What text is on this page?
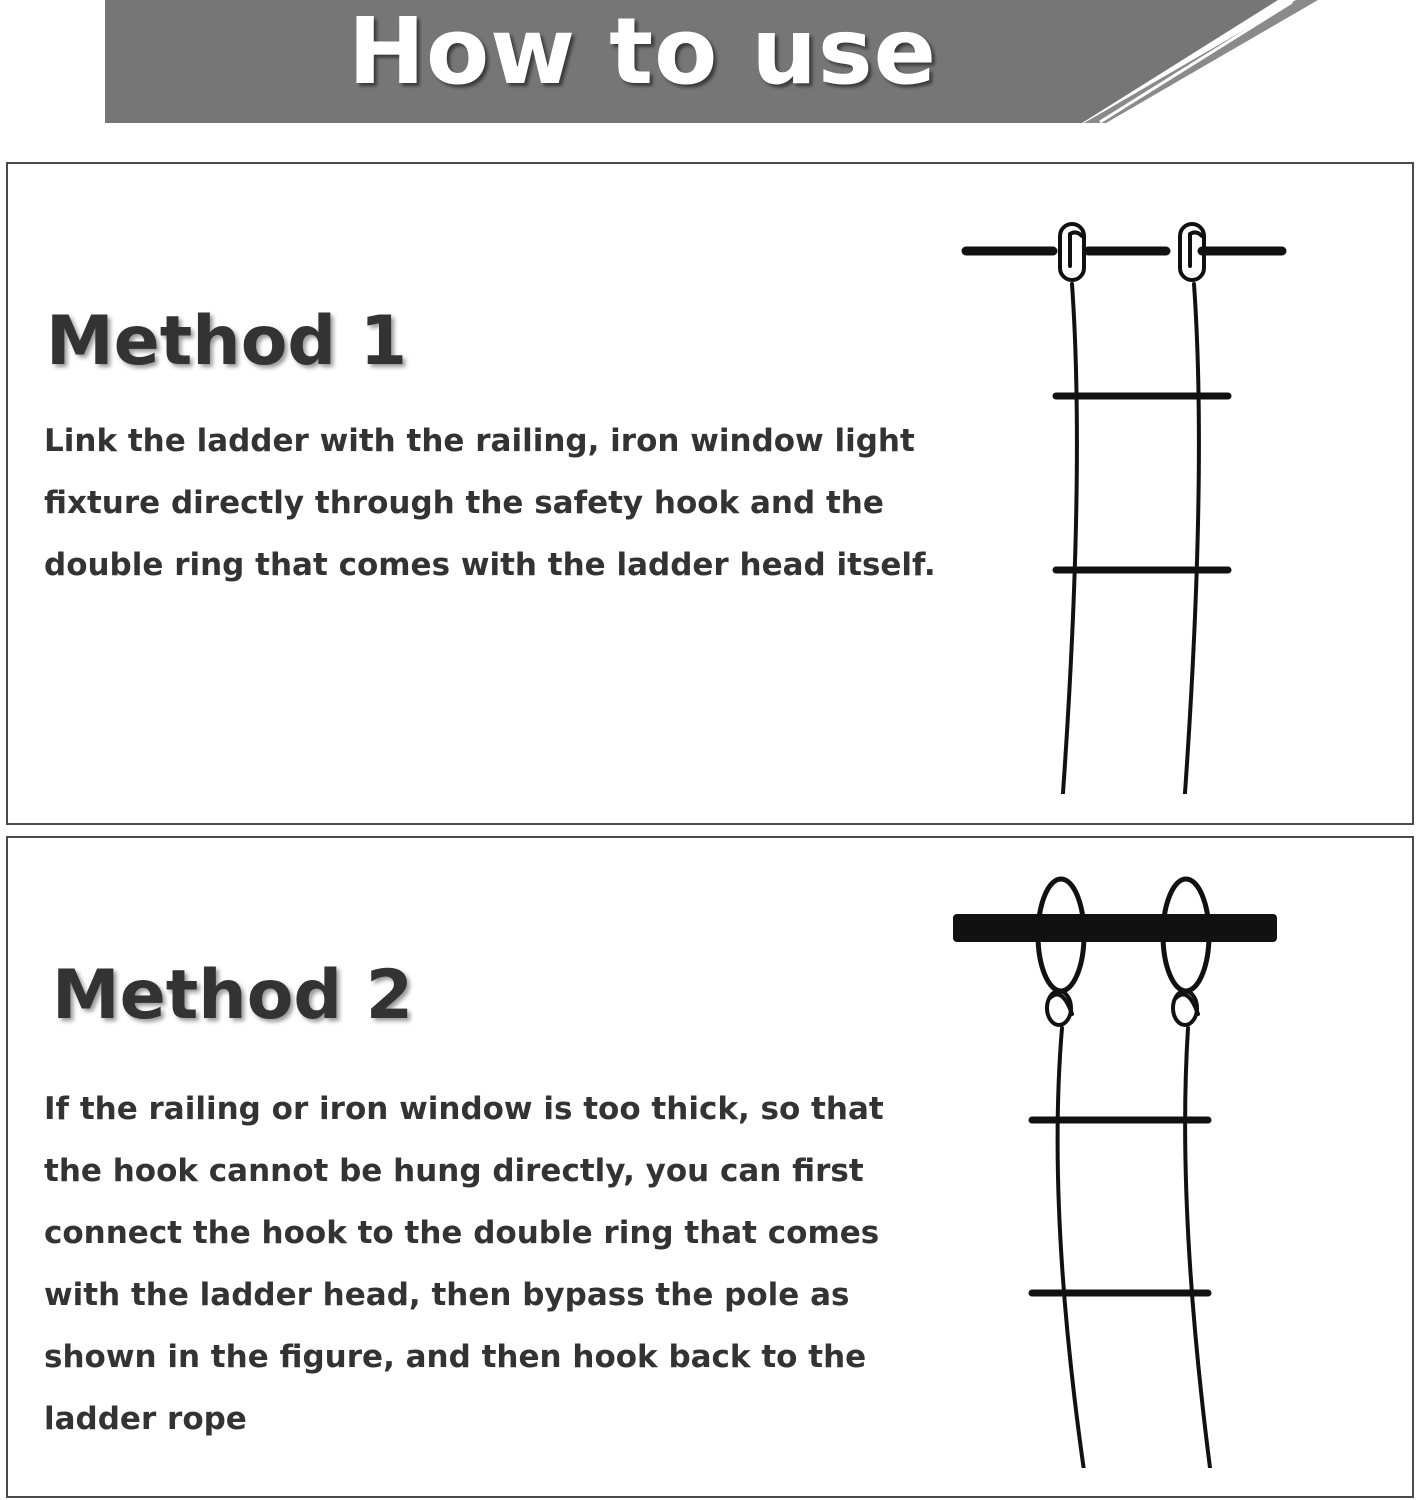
How to use
Method 1

Link the ladder with the railing, iron window light fixture directly through the safety hook and the double ring that comes with the ladder head itself.

Method 2

If the railing or iron window is too thick, so that the hook cannot be hung directly, you can first connect the hook to the double ring that comes with the ladder head, then bypass the pole as shown in the figure, and then hook back to the ladder rope
